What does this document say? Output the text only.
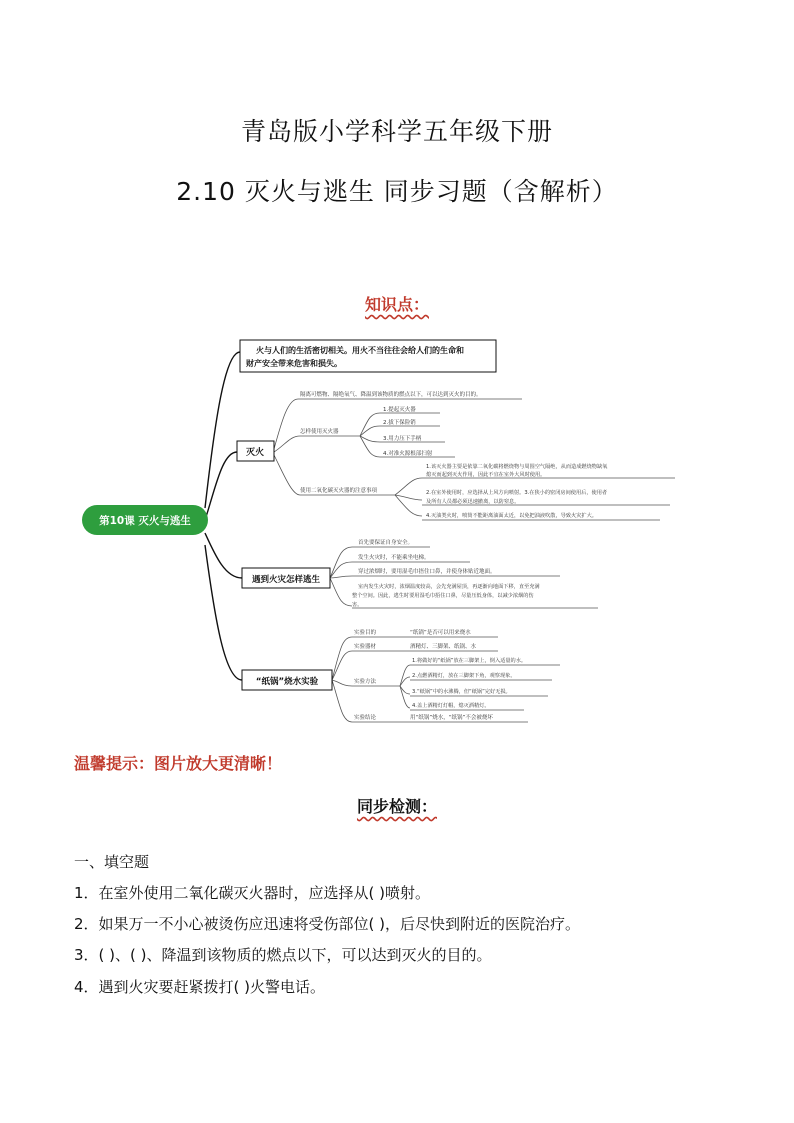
青岛版小学科学五年级下册
2.10 灭火与逃生 同步习题（含解析）
知识点：
第10课 灭火与逃生
火与人们的生活密切相关。用火不当往往会给人们的生命和
财产安全带来危害和损失。
灭火
隔离可燃物、隔绝氧气、降温到该物质的燃点以下，可以达到灭火的目的。
怎样使用灭火器
1.提起灭火器
2.拔下保险销
3.用力压下手柄
4.对准火源根部扫射
使用二氧化碳灭火器的注意事项
1.该灭火器主要是依靠二氧化碳将燃烧物与周围空气隔绝，从而造成燃烧物缺氧
熄灭而起到灭火作用，因此不宜在室外大风时使用。
2.在室外使用时，应选择从上风方向喷射。3.在狭小的密闭房间使用后，使用者
及所有人员都必须迅速撤离，以防窒息。
4.灭油类火时，喷筒不能距离油面太近，以免把油液吹散，导致火灾扩大。
遇到火灾怎样逃生
首先要保证自身安全。
发生火灾时，不能乘坐电梯。
穿过浓烟时，要用湿毛巾捂住口鼻，并使身体贴近地面。
室内发生火灾时，浓烟温度较高，会先充满屋顶，再逐渐向地面下移，直至充满
整个空间。因此，逃生时要用湿毛巾捂住口鼻，尽量压低身体，以减少浓烟的伤
害。
“纸锅”烧水实验
实验目的	“纸锅”是否可以用来烧水
实验器材	酒精灯、三脚架、纸锅、水
实验方法
1.将做好的“纸锅”放在三脚架上，倒入适量的水。
2.点燃酒精灯，放在三脚架下角，观察现象。
3.“纸锅”中的水沸腾，但“纸锅”完好无损。
4.盖上酒精灯灯帽，熄灭酒精灯。
实验结论	用“纸锅”烧水，“纸锅”不会被烧坏
温馨提示：图片放大更清晰！
同步检测：
一、填空题
1．在室外使用二氧化碳灭火器时，应选择从( )喷射。
2．如果万一不小心被烫伤应迅速将受伤部位( )，后尽快到附近的医院治疗。
3．( )、( )、降温到该物质的燃点以下，可以达到灭火的目的。
4．遇到火灾要赶紧拨打( )火警电话。
